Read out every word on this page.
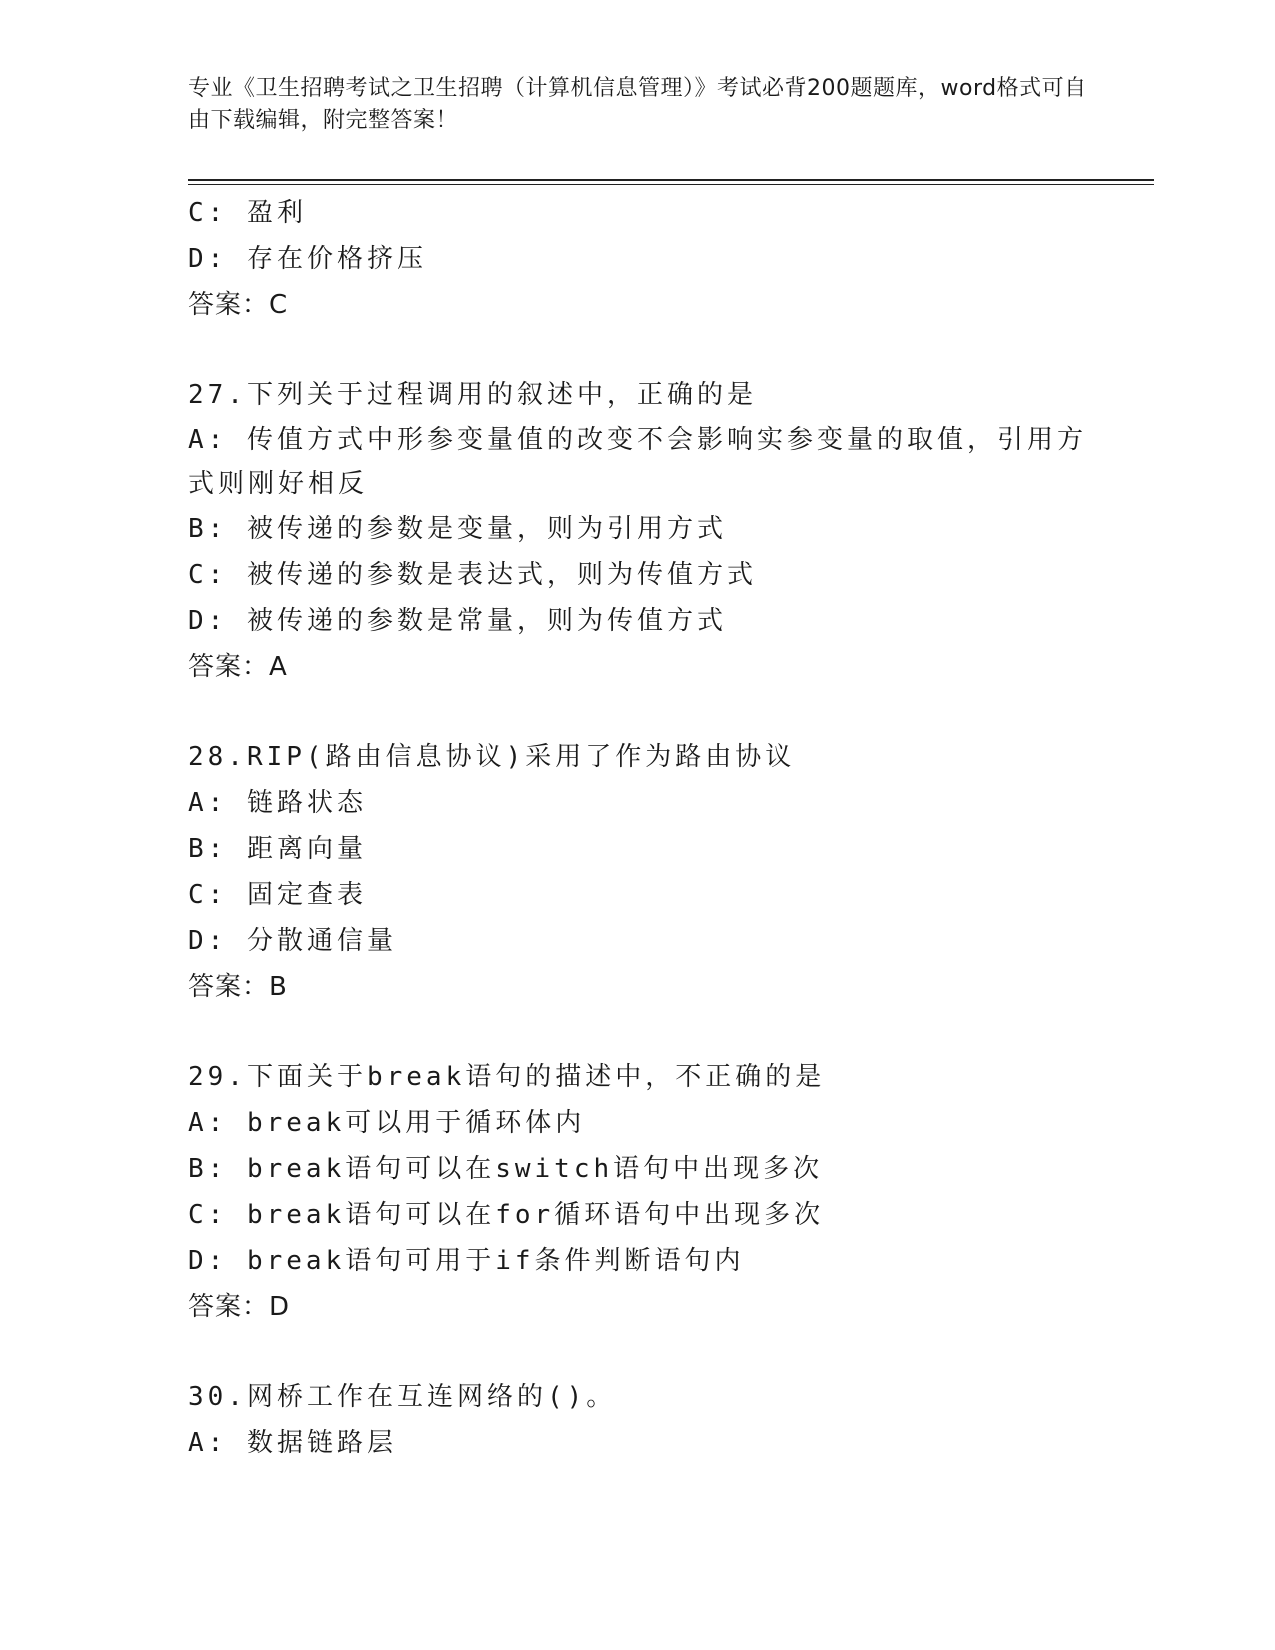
专业《卫生招聘考试之卫生招聘（计算机信息管理）》考试必背200题题库，word格式可自由下载编辑，附完整答案！

C: 盈利

D: 存在价格挤压

答案：C

27.下列关于过程调用的叙述中，正确的是

A: 传值方式中形参变量值的改变不会影响实参变量的取值，引用方式则刚好相反

B: 被传递的参数是变量，则为引用方式

C: 被传递的参数是表达式，则为传值方式

D: 被传递的参数是常量，则为传值方式

答案：A

28.RIP(路由信息协议)采用了作为路由协议

A: 链路状态

B: 距离向量

C: 固定查表

D: 分散通信量

答案：B

29.下面关于break语句的描述中，不正确的是

A: break可以用于循环体内

B: break语句可以在switch语句中出现多次

C: break语句可以在for循环语句中出现多次

D: break语句可用于if条件判断语句内

答案：D

30.网桥工作在互连网络的()。

A: 数据链路层
